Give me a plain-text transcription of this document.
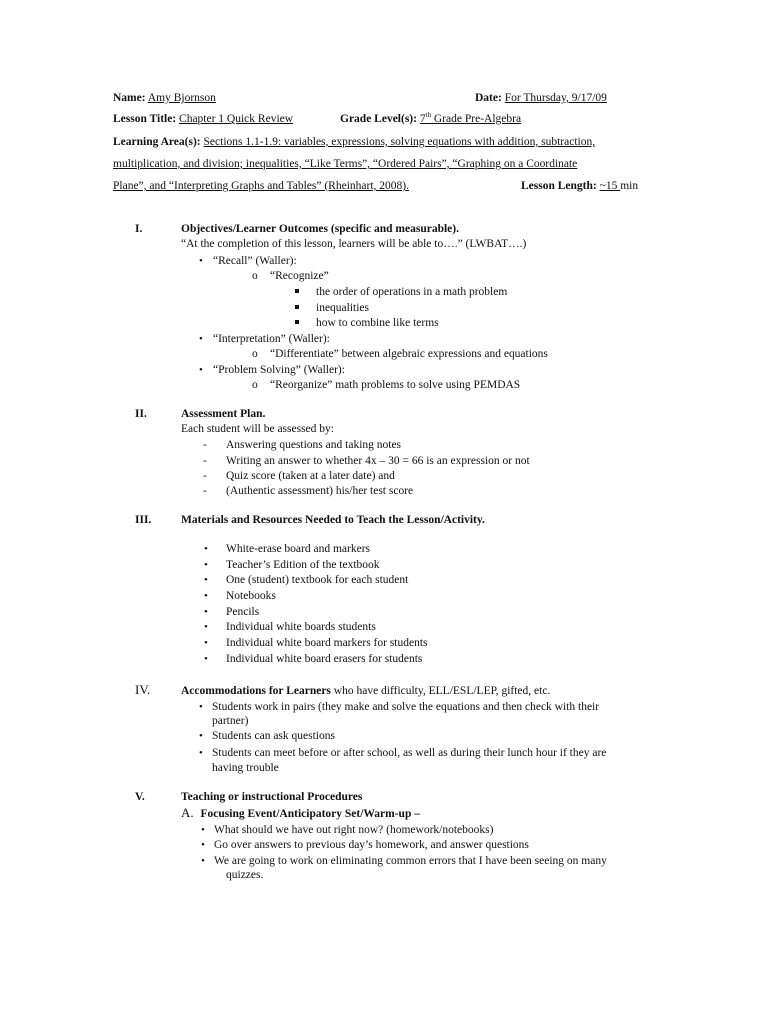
Name: Amy Bjornson	Date: For Thursday, 9/17/09
Lesson Title: Chapter 1 Quick Review	Grade Level(s): 7th Grade Pre-Algebra
Learning Area(s): Sections 1.1-1.9: variables, expressions, solving equations with addition, subtraction,
multiplication, and division; inequalities, “Like Terms”, “Ordered Pairs”, “Graphing on a Coordinate
Plane”, and “Interpreting Graphs and Tables” (Rheinhart, 2008).	Lesson Length: ~15 min
I.	Objectives/Learner Outcomes (specific and measurable).
“At the completion of this lesson, learners will be able to….” (LWBAT….)
• “Recall” (Waller):
o “Recognize”
the order of operations in a math problem
inequalities
how to combine like terms
• “Interpretation” (Waller):
o “Differentiate” between algebraic expressions and equations
• “Problem Solving” (Waller):
o “Reorganize” math problems to solve using PEMDAS
II.	Assessment Plan.
Each student will be assessed by:
- Answering questions and taking notes
- Writing an answer to whether 4x – 30 = 66 is an expression or not
- Quiz score (taken at a later date) and
- (Authentic assessment) his/her test score
III.	Materials and Resources Needed to Teach the Lesson/Activity.
• White-erase board and markers
• Teacher’s Edition of the textbook
• One (student) textbook for each student
• Notebooks
• Pencils
• Individual white boards students
• Individual white board markers for students
• Individual white board erasers for students
IV.	Accommodations for Learners who have difficulty, ELL/ESL/LEP, gifted, etc.
• Students work in pairs (they make and solve the equations and then check with their
partner)
• Students can ask questions
• Students can meet before or after school, as well as during their lunch hour if they are
having trouble
V.	Teaching or instructional Procedures
A. Focusing Event/Anticipatory Set/Warm-up –
• What should we have out right now? (homework/notebooks)
• Go over answers to previous day’s homework, and answer questions
• We are going to work on eliminating common errors that I have been seeing on many
quizzes.
